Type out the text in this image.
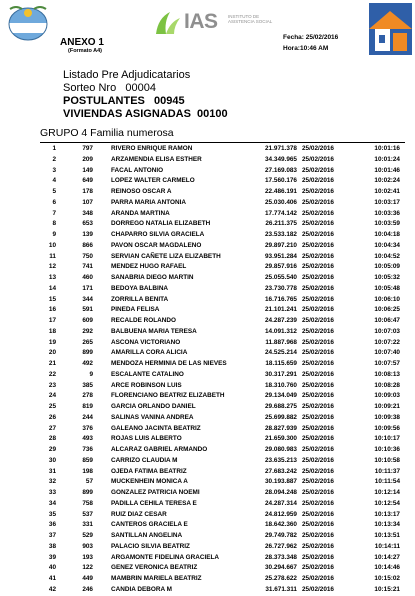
ANEXO 1
(Formato A4)
IAS INSTITUTO DE ASISTENCIA SOCIAL
Fecha: 25/02/2016
Hora:10:46 AM
Listado Pre Adjudicatarios
Sorteo Nro   00004
POSTULANTES   00945
VIVIENDAS ASIGNADAS  00100
GRUPO 4 Familia numerosa
1	797	RIVERO ENRIQUE RAMON	21.971.378 25/02/2016	10:01:16
2	209	ARZAMENDIA ELISA ESTHER	34.349.965 25/02/2016	10:01:24
3	149	FACAL ANTONIO	27.169.083 25/02/2016	10:01:46
4	649	LOPEZ WALTER CARMELO	17.560.176 25/02/2016	10:02:24
5	178	REINOSO OSCAR A	22.486.191 25/02/2016	10:02:41
6	107	PARRA MARIA ANTONIA	25.030.406 25/02/2016	10:03:17
7	348	ARANDA MARTINA	17.774.142 25/02/2016	10:03:36
8	653	DORREGO NATALIA ELIZABETH	26.211.375 25/02/2016	10:03:59
9	139	CHAPARRO SILVIA GRACIELA	23.533.182 25/02/2016	10:04:18
10	866	PAVON OSCAR MAGDALENO	29.897.210 25/02/2016	10:04:34
11	750	SERVIAN CAÑETE LIZA ELIZABETH	93.951.284 25/02/2016	10:04:52
12	741	MENDEZ HUGO RAFAEL	29.857.916 25/02/2016	10:05:09
13	460	SANABRIA DIEGO MARTIN	25.055.540 25/02/2016	10:05:32
14	171	BEDOYA BALBINA	23.730.778 25/02/2016	10:05:48
15	344	ZORRILLA BENITA	16.716.765 25/02/2016	10:06:10
16	591	PINEDA FELISA	21.101.241 25/02/2016	10:06:25
17	609	RECALDE ROLANDO	24.287.239 25/02/2016	10:06:47
18	292	BALBUENA MARIA TERESA	14.091.312 25/02/2016	10:07:03
19	265	ASCONA VICTORIANO	11.887.968 25/02/2016	10:07:22
20	899	AMARILLA CORA ALICIA	24.525.214 25/02/2016	10:07:40
21	492	MENDOZA HERMINIA DE LAS NIEVES	18.115.659 25/02/2016	10:07:57
22	9	ESCALANTE CATALINO	30.317.291 25/02/2016	10:08:13
23	385	ARCE ROBINSON LUIS	18.310.760 25/02/2016	10:08:28
24	278	FLORENCIANO BEATRIZ ELIZABETH	29.134.049 25/02/2016	10:09:03
25	819	GARCIA ORLANDO DANIEL	29.688.275 25/02/2016	10:09:21
26	244	SALINAS VANINA ANDREA	25.699.882 25/02/2016	10:09:38
27	376	GALEANO JACINTA BEATRIZ	28.827.939 25/02/2016	10:09:56
28	493	ROJAS LUIS ALBERTO	21.659.300 25/02/2016	10:10:17
29	736	ALCARAZ GABRIEL ARMANDO	29.080.983 25/02/2016	10:10:36
30	859	CARRIZO CLAUDIA M	23.635.213 25/02/2016	10:10:58
31	198	OJEDA FATIMA BEATRIZ	27.683.242 25/02/2016	10:11:37
32	57	MUCKENHEIN MONICA A	30.193.887 25/02/2016	10:11:54
33	899	GONZALEZ PATRICIA NOEMI	28.094.248 25/02/2016	10:12:14
34	758	PADILLA CEHILA TERESA E	24.287.314 25/02/2016	10:12:54
35	537	RUIZ DIAZ CESAR	24.812.959 25/02/2016	10:13:17
36	331	CANTEROS GRACIELA E	18.642.360 25/02/2016	10:13:34
37	529	SANTILLAN ANGELINA	29.749.782 25/02/2016	10:13:51
38	903	PALACIO SILVIA BEATRIZ	26.727.962 25/02/2016	10:14:11
39	193	ARGAMONTE FIDELINA GRACIELA	28.373.348 25/02/2016	10:14:27
40	122	GENEZ VERONICA BEATRIZ	30.294.667 25/02/2016	10:14:46
41	449	MAMBRIN MARIELA BEATRIZ	25.278.622 25/02/2016	10:15:02
42	246	CANDIA DEBORA M	31.671.311 25/02/2016	10:15:21
